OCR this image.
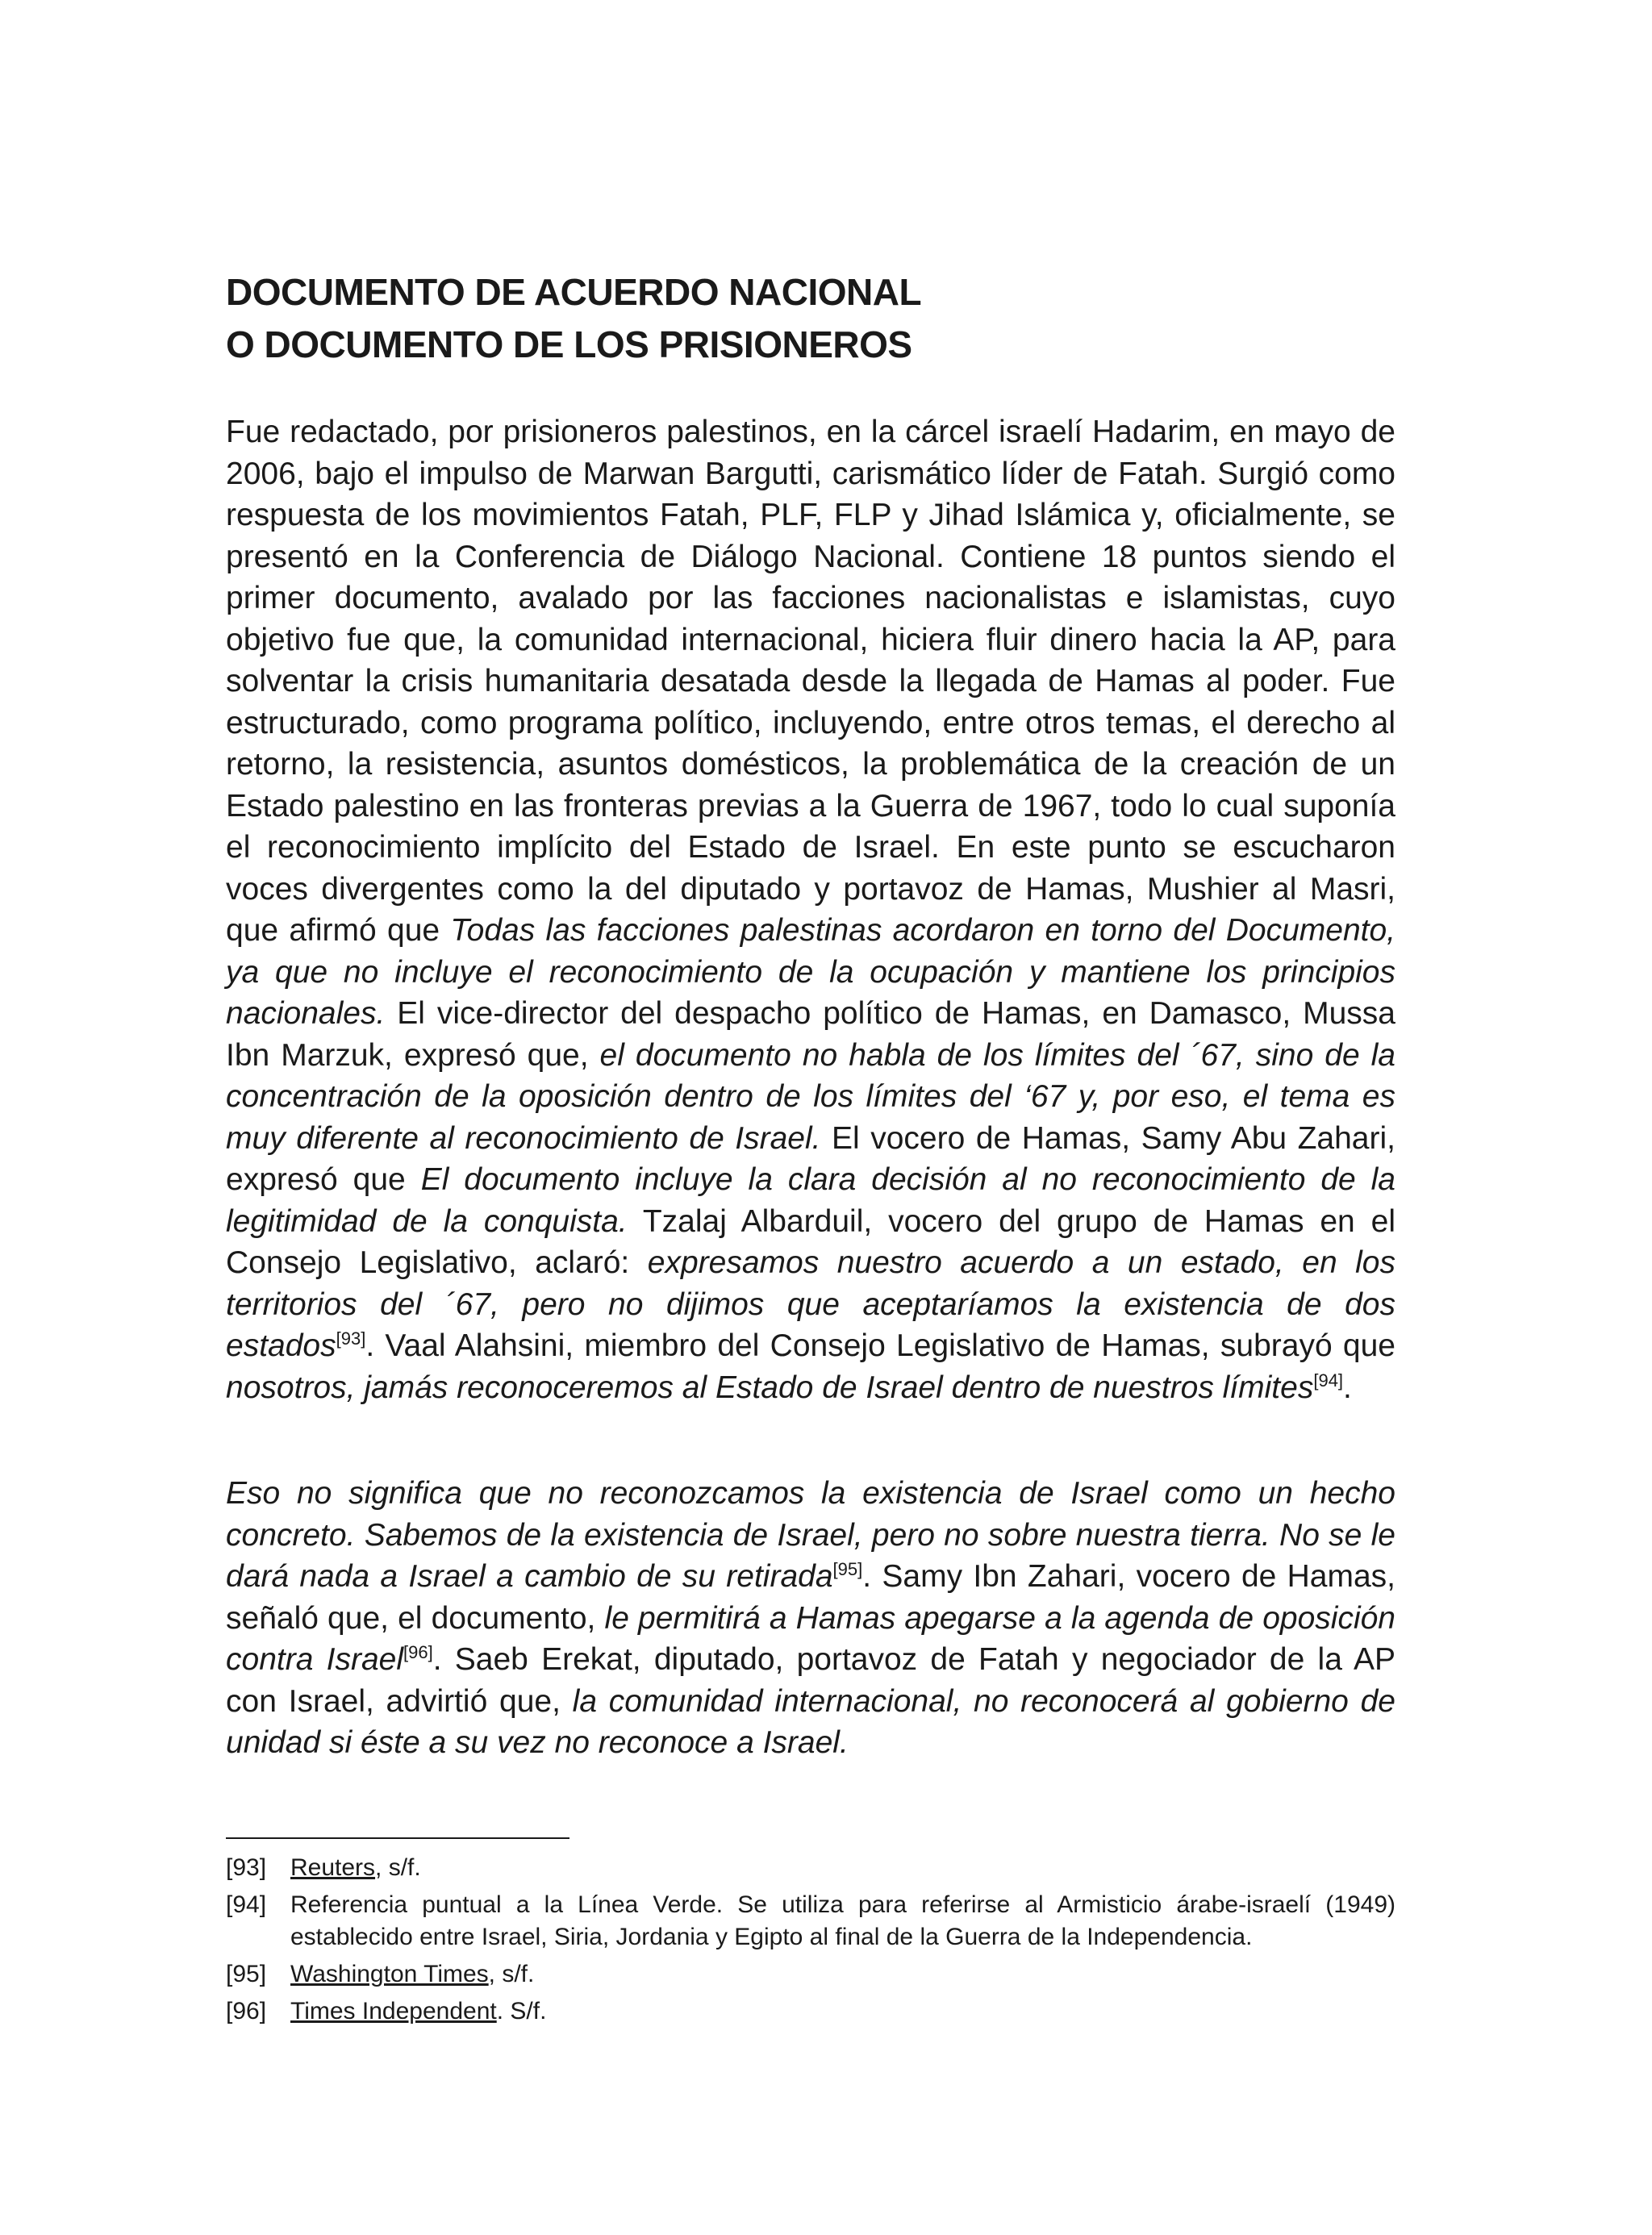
DOCUMENTO DE ACUERDO NACIONAL
O DOCUMENTO DE LOS PRISIONEROS

Fue redactado, por prisioneros palestinos, en la cárcel israelí Hadarim, en mayo de 2006, bajo el impulso de Marwan Bargutti, carismático líder de Fatah. Surgió como respuesta de los movimientos Fatah, PLF, FLP y Jihad Islámica y, oficialmente, se presentó en la Conferencia de Diálogo Nacional. Contiene 18 puntos siendo el primer documento, avalado por las facciones nacionalistas e islamistas, cuyo objetivo fue que, la comunidad internacional, hiciera fluir dinero hacia la AP, para solventar la crisis humanitaria desatada desde la llegada de Hamas al poder. Fue estructurado, como programa político, incluyendo, entre otros temas, el derecho al retorno, la resistencia, asuntos domésticos, la problemática de la creación de un Estado palestino en las fronteras previas a la Guerra de 1967, todo lo cual suponía el reconocimiento implícito del Estado de Israel. En este punto se escucharon voces divergentes como la del diputado y portavoz de Hamas, Mushier al Masri, que afirmó que Todas las facciones palestinas acordaron en torno del Documento, ya que no incluye el reconocimiento de la ocupación y mantiene los principios nacionales. El vice-director del despacho político de Hamas, en Damasco, Mussa Ibn Marzuk, expresó que, el documento no habla de los límites del ´67, sino de la concentración de la oposición dentro de los límites del ‘67 y, por eso, el tema es muy diferente al reconocimiento de Israel. El vocero de Hamas, Samy Abu Zahari, expresó que El documento incluye la clara decisión al no reconocimiento de la legitimidad de la conquista. Tzalaj Albarduil, vocero del grupo de Hamas en el Consejo Legislativo, aclaró: expresamos nuestro acuerdo a un estado, en los territorios del ´67, pero no dijimos que aceptaríamos la existencia de dos estados[93]. Vaal Alahsini, miembro del Consejo Legislativo de Hamas, subrayó que nosotros, jamás reconoceremos al Estado de Israel dentro de nuestros límites[94].

Eso no significa que no reconozcamos la existencia de Israel como un hecho concreto. Sabemos de la existencia de Israel, pero no sobre nuestra tierra. No se le dará nada a Israel a cambio de su retirada[95]. Samy Ibn Zahari, vocero de Hamas, señaló que, el documento, le permitirá a Hamas apegarse a la agenda de oposición contra Israel[96]. Saeb Erekat, diputado, portavoz de Fatah y negociador de la AP con Israel, advirtió que, la comunidad internacional, no reconocerá al gobierno de unidad si éste a su vez no reconoce a Israel.

[93] Reuters, s/f.
[94] Referencia puntual a la Línea Verde. Se utiliza para referirse al Armisticio árabe-israelí (1949) establecido entre Israel, Siria, Jordania y Egipto al final de la Guerra de la Independencia.
[95] Washington Times, s/f.
[96] Times Independent. S/f.
